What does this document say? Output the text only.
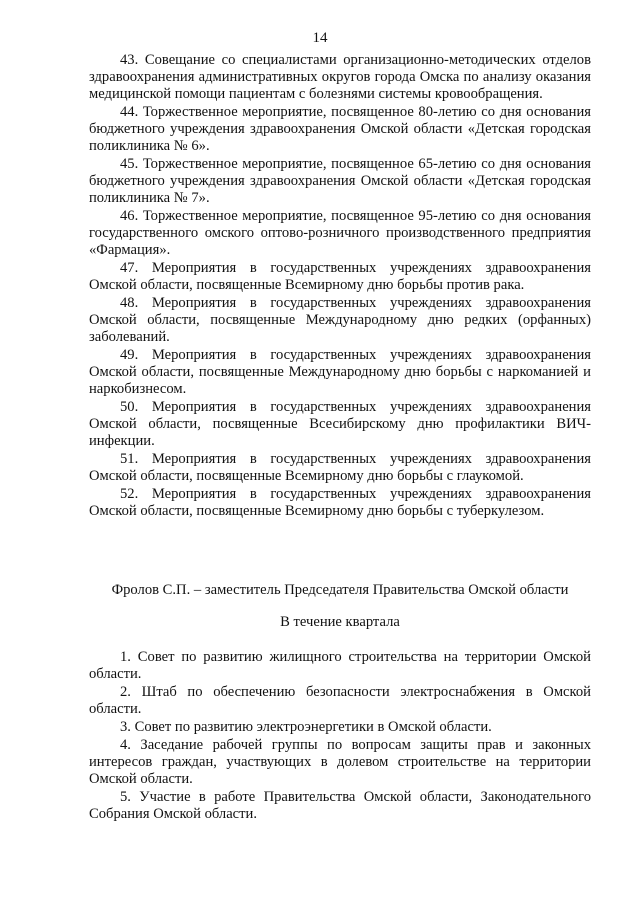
14

43. Совещание со специалистами организационно-методических отделов здравоохранения административных округов города Омска по анализу оказания медицинской помощи пациентам с болезнями системы кровообращения.

44. Торжественное мероприятие, посвященное 80-летию со дня основания бюджетного учреждения здравоохранения Омской области «Детская городская поликлиника № 6».

45. Торжественное мероприятие, посвященное 65-летию со дня основания бюджетного учреждения здравоохранения Омской области «Детская городская поликлиника № 7».

46. Торжественное мероприятие, посвященное 95-летию со дня основания государственного омского оптово-розничного производственного предприятия «Фармация».

47. Мероприятия в государственных учреждениях здравоохранения Омской области, посвященные Всемирному дню борьбы против рака.

48. Мероприятия в государственных учреждениях здравоохранения Омской области, посвященные Международному дню редких (орфанных) заболеваний.

49. Мероприятия в государственных учреждениях здравоохранения Омской области, посвященные Международному дню борьбы с наркоманией и наркобизнесом.

50. Мероприятия в государственных учреждениях здравоохранения Омской области, посвященные Всесибирскому дню профилактики ВИЧ-инфекции.

51. Мероприятия в государственных учреждениях здравоохранения Омской области, посвященные Всемирному дню борьбы с глаукомой.

52. Мероприятия в государственных учреждениях здравоохранения Омской области, посвященные Всемирному дню борьбы с туберкулезом.

Фролов С.П. – заместитель Председателя Правительства Омской области
В течение квартала

1. Совет по развитию жилищного строительства на территории Омской области.

2. Штаб по обеспечению безопасности электроснабжения в Омской области.

3. Совет по развитию электроэнергетики в Омской области.

4. Заседание рабочей группы по вопросам защиты прав и законных интересов граждан, участвующих в долевом строительстве на территории Омской области.

5. Участие в работе Правительства Омской области, Законодательного Собрания Омской области.
